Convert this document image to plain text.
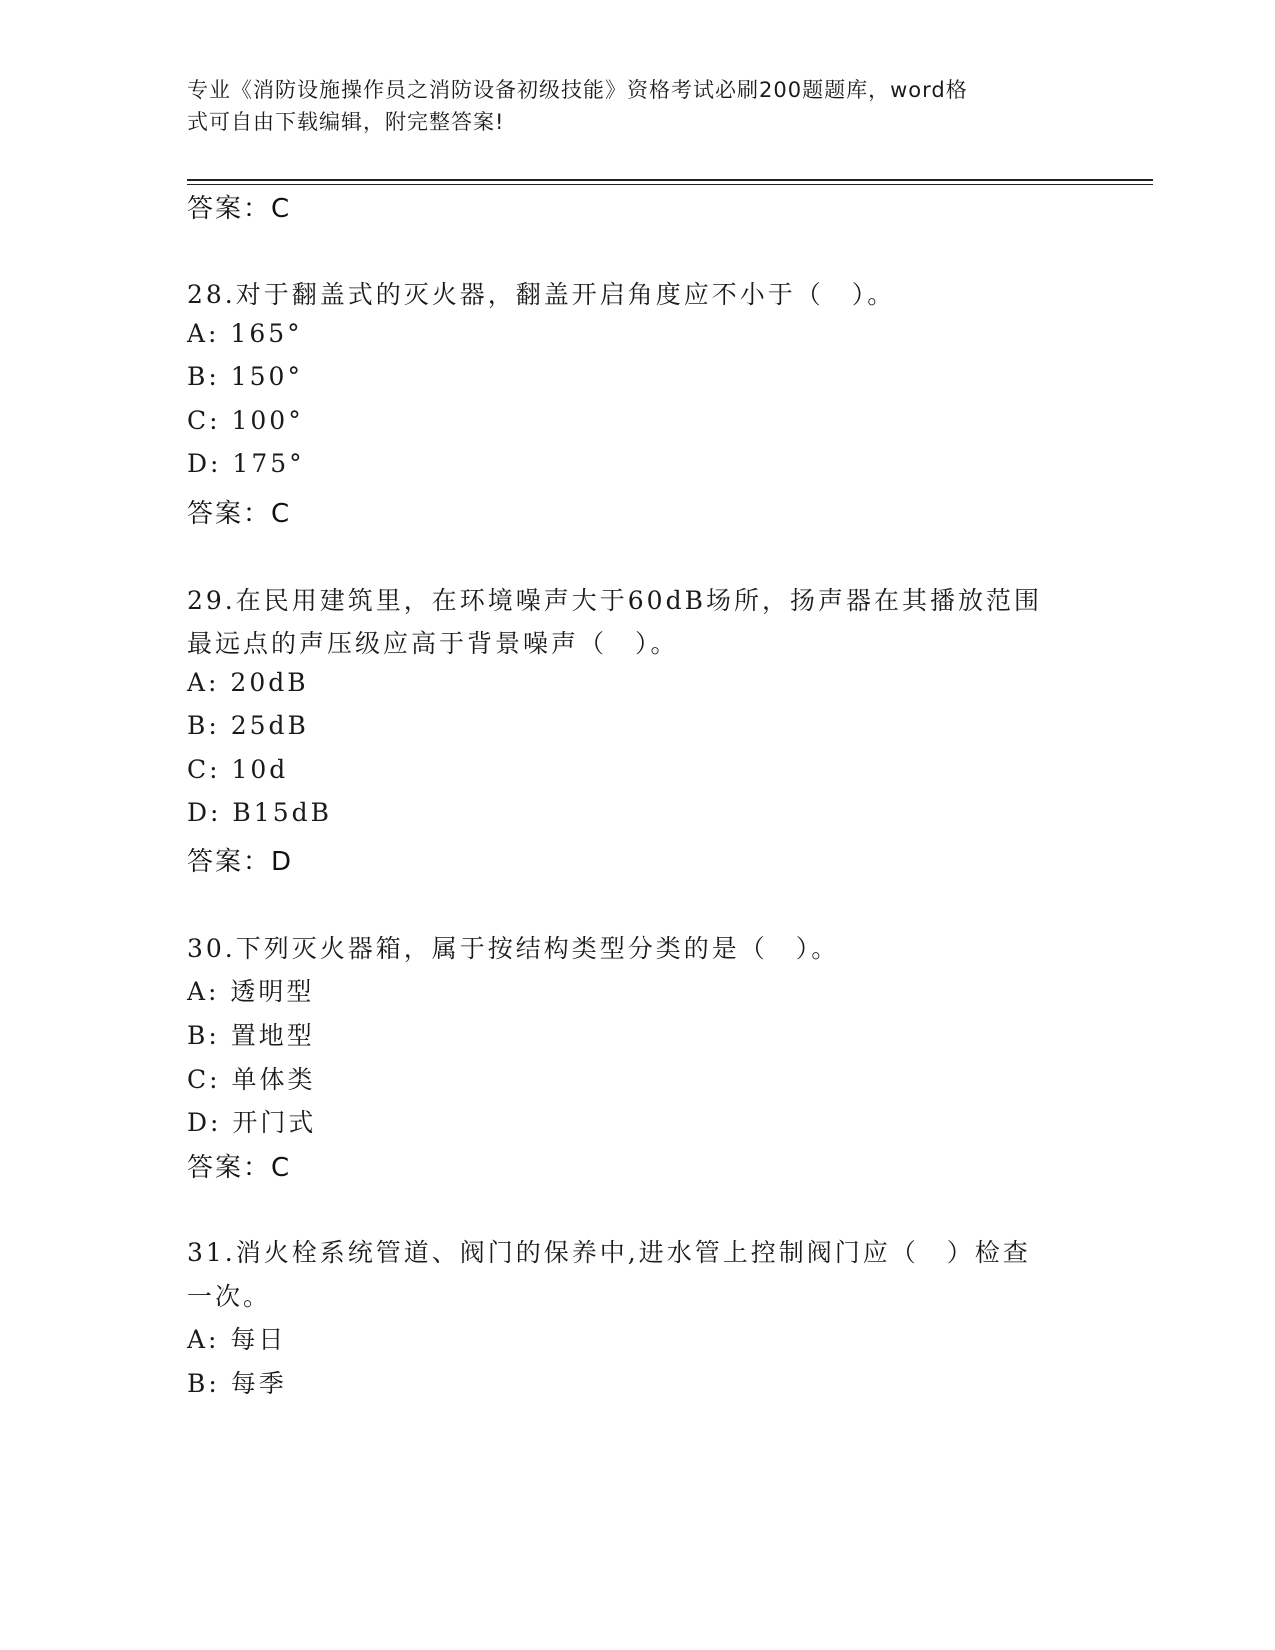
专业《消防设施操作员之消防设备初级技能》资格考试必刷200题题库，word格
式可自由下载编辑，附完整答案!
答案：C
28.对于翻盖式的灭火器，翻盖开启角度应不小于（　）。
A: 165°
B: 150°
C: 100°
D: 175°
答案：C
29.在民用建筑里，在环境噪声大于60dB场所，扬声器在其播放范围
最远点的声压级应高于背景噪声（　）。
A: 20dB
B: 25dB
C: 10d
D: B15dB
答案：D
30.下列灭火器箱，属于按结构类型分类的是（　）。
A: 透明型
B: 置地型
C: 单体类
D: 开门式
答案：C
31.消火栓系统管道、阀门的保养中,进水管上控制阀门应（　）检查
一次。
A: 每日
B: 每季
